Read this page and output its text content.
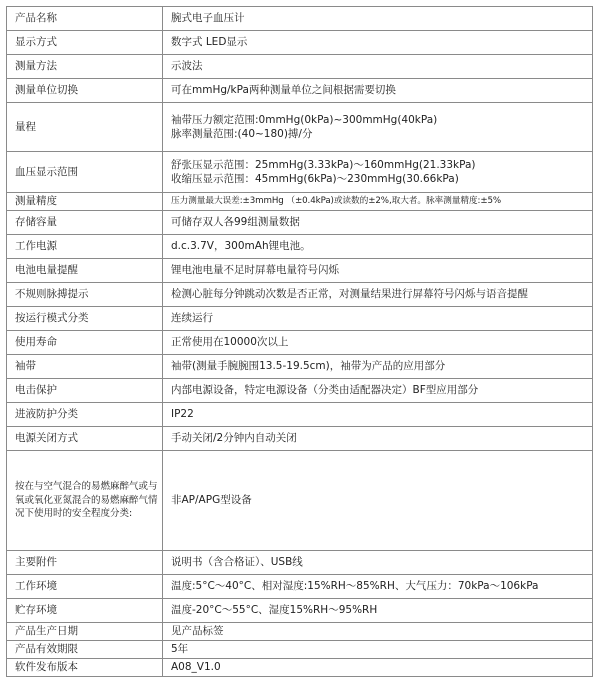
产品名称	腕式电子血压计

显示方式	数字式 LED显示

测量方法	示波法

测量单位切换	可在mmHg/kPa两种测量单位之间根据需要切换

量程	袖带压力额定范围:0mmHg(0kPa)~300mmHg(40kPa)
脉率测量范围:(40~180)搏/分

血压显示范围	舒张压显示范围：25mmHg(3.33kPa)～160mmHg(21.33kPa)
收缩压显示范围：45mmHg(6kPa)～230mmHg(30.66kPa)

测量精度	压力测量最大误差:±3mmHg （±0.4kPa)或读数的±2%,取大者。脉率测量精度:±5%

存储容量	可储存双人各99组测量数据

工作电源	d.c.3.7V，300mAh锂电池。

电池电量提醒	锂电池电量不足时屏幕电量符号闪烁

不规则脉搏提示	检测心脏每分钟跳动次数是否正常，对测量结果进行屏幕符号闪烁与语音提醒

按运行模式分类	连续运行

使用寿命	正常使用在10000次以上

袖带	袖带(测量手腕腕围13.5-19.5cm)，袖带为产品的应用部分

电击保护	内部电源设备，特定电源设备（分类由适配器决定）BF型应用部分

进液防护分类	IP22

电源关闭方式	手动关闭/2分钟内自动关闭

按在与空气混合的易燃麻醉气或与氧或氧化亚氮混合的易燃麻醉气情况下使用时的安全程度分类:	非AP/APG型设备

主要附件	说明书（含合格证）、USB线

工作环境	温度:5°C～40°C、相对湿度:15%RH～85%RH、大气压力：70kPa～106kPa

贮存环境	温度-20°C～55°C、湿度15%RH～95%RH

产品生产日期	见产品标签

产品有效期限	5年

软件发布版本	A08_V1.0
